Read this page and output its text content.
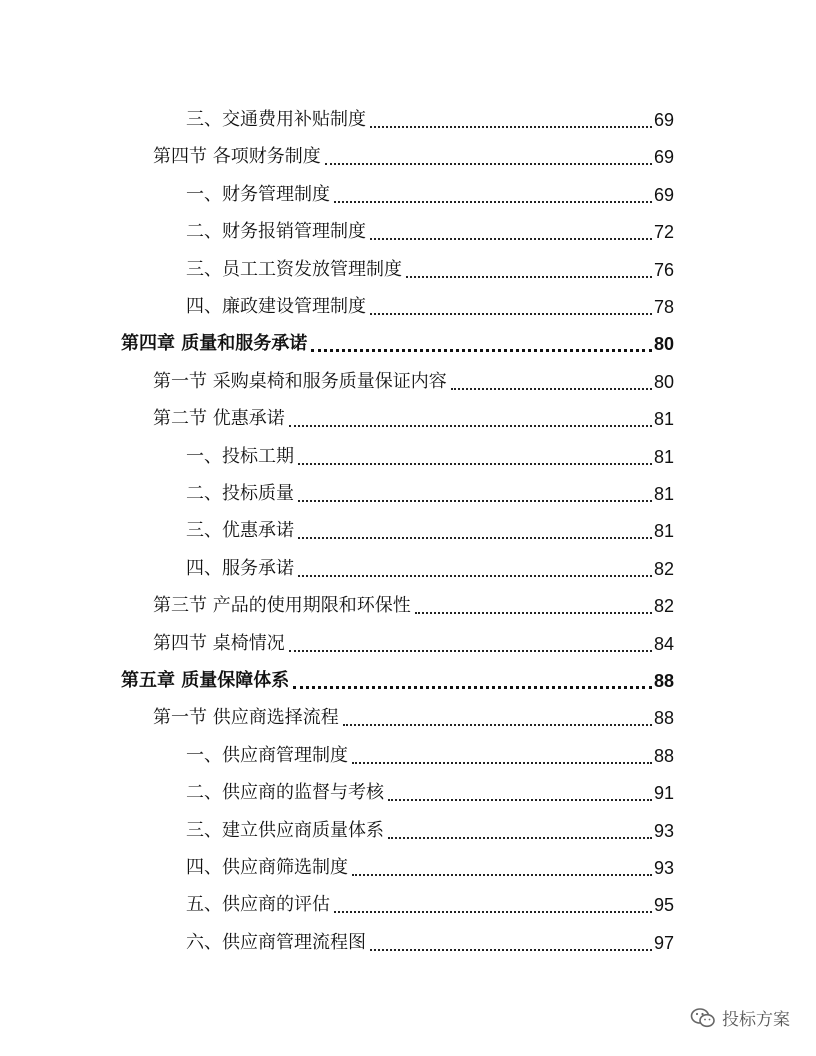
三、交通费用补贴制度	69
第四节 各项财务制度	69
一、财务管理制度	69
二、财务报销管理制度	72
三、员工工资发放管理制度	76
四、廉政建设管理制度	78
第四章 质量和服务承诺	80
第一节 采购桌椅和服务质量保证内容	80
第二节 优惠承诺	81
一、投标工期	81
二、投标质量	81
三、优惠承诺	81
四、服务承诺	82
第三节 产品的使用期限和环保性	82
第四节 桌椅情况	84
第五章 质量保障体系	88
第一节 供应商选择流程	88
一、供应商管理制度	88
二、供应商的监督与考核	91
三、建立供应商质量体系	93
四、供应商筛选制度	93
五、供应商的评估	95
六、供应商管理流程图	97
投标方案
